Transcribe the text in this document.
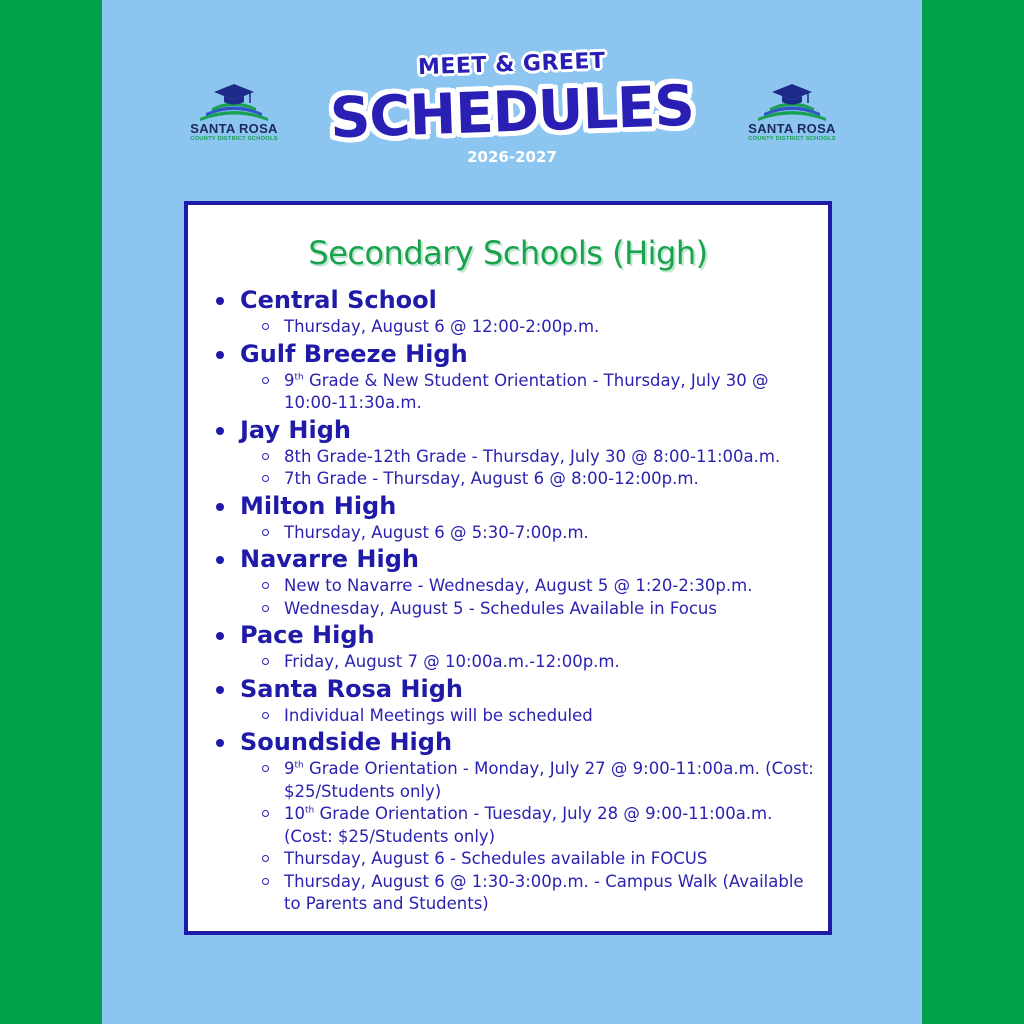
SANTA ROSA
COUNTY DISTRICT SCHOOLS
SANTA ROSA
COUNTY DISTRICT SCHOOLS
MEET & GREET
SCHEDULES
2026-2027
Secondary Schools (High)
Central School
Thursday, August 6 @ 12:00-2:00p.m.
Gulf Breeze High
9th Grade & New Student Orientation - Thursday, July 30 @ 10:00-11:30a.m.
Jay High
8th Grade-12th Grade - Thursday, July 30 @ 8:00-11:00a.m.
7th Grade - Thursday, August 6 @ 8:00-12:00p.m.
Milton High
Thursday, August 6 @ 5:30-7:00p.m.
Navarre High
New to Navarre - Wednesday, August 5 @ 1:20-2:30p.m.
Wednesday, August 5 - Schedules Available in Focus
Pace High
Friday, August 7 @ 10:00a.m.-12:00p.m.
Santa Rosa High
Individual Meetings will be scheduled
Soundside High
9th Grade Orientation - Monday, July 27 @ 9:00-11:00a.m. (Cost: $25/Students only)
10th Grade Orientation - Tuesday, July 28 @ 9:00-11:00a.m. (Cost: $25/Students only)
Thursday, August 6 - Schedules available in FOCUS
Thursday, August 6 @ 1:30-3:00p.m. - Campus Walk (Available to Parents and Students)
